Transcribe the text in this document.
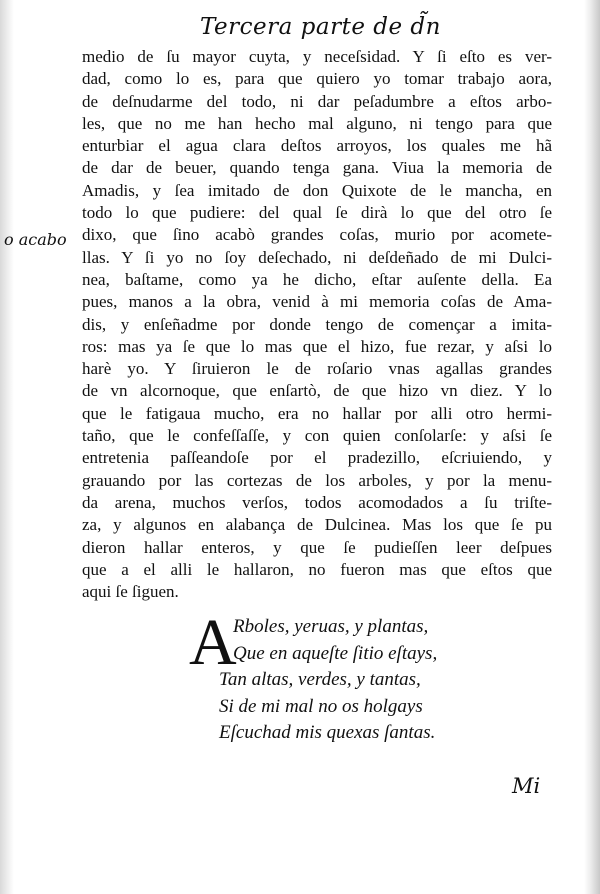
Tercera parte de d̃n
o acabo
medio de ſu mayor cuyta, y neceſsidad. Y ſi eſto es ver-
dad, como lo es, para que quiero yo tomar trabajo aora,
de deſnudarme del todo, ni dar peſadumbre a eſtos arbo-
les, que no me han hecho mal alguno, ni tengo para que
enturbiar el agua clara deſtos arroyos, los quales me hã
de dar de beuer, quando tenga gana. Viua la memoria de
Amadis, y ſea imitado de don Quixote de le mancha, en
todo lo que pudiere: del qual ſe dirà lo que del otro ſe
dixo, que ſino acabò grandes coſas, murio por acomete-
llas. Y ſi yo no ſoy deſechado, ni deſdeñado de mi Dulci-
nea, baſtame, como ya he dicho, eſtar auſente della. Ea
pues, manos a la obra, venid à mi memoria coſas de Ama-
dis, y enſeñadme por donde tengo de començar a imita-
ros: mas ya ſe que lo mas que el hizo, fue rezar, y aſsi lo
harè yo. Y ſiruieron le de roſario vnas agallas grandes
de vn alcornoque, que enſartò, de que hizo vn diez. Y lo
que le fatigaua mucho, era no hallar por alli otro hermi-
taño, que le confeſſaſſe, y con quien conſolarſe: y aſsi ſe
entretenia paſſeandoſe por el pradezillo, eſcriuiendo, y
grauando por las cortezas de los arboles, y por la menu-
da arena, muchos verſos, todos acomodados a ſu triſte-
za, y algunos en alabança de Dulcinea. Mas los que ſe pu
dieron hallar enteros, y que ſe pudieſſen leer deſpues
que a el alli le hallaron, no fueron mas que eſtos que
aqui ſe ſiguen.
A
Rboles, yeruas, y plantas,
Que en aqueſte ſitio eſtays,
Tan altas, verdes, y tantas,
Si de mi mal no os holgays
Eſcuchad mis quexas ſantas.
Mi
